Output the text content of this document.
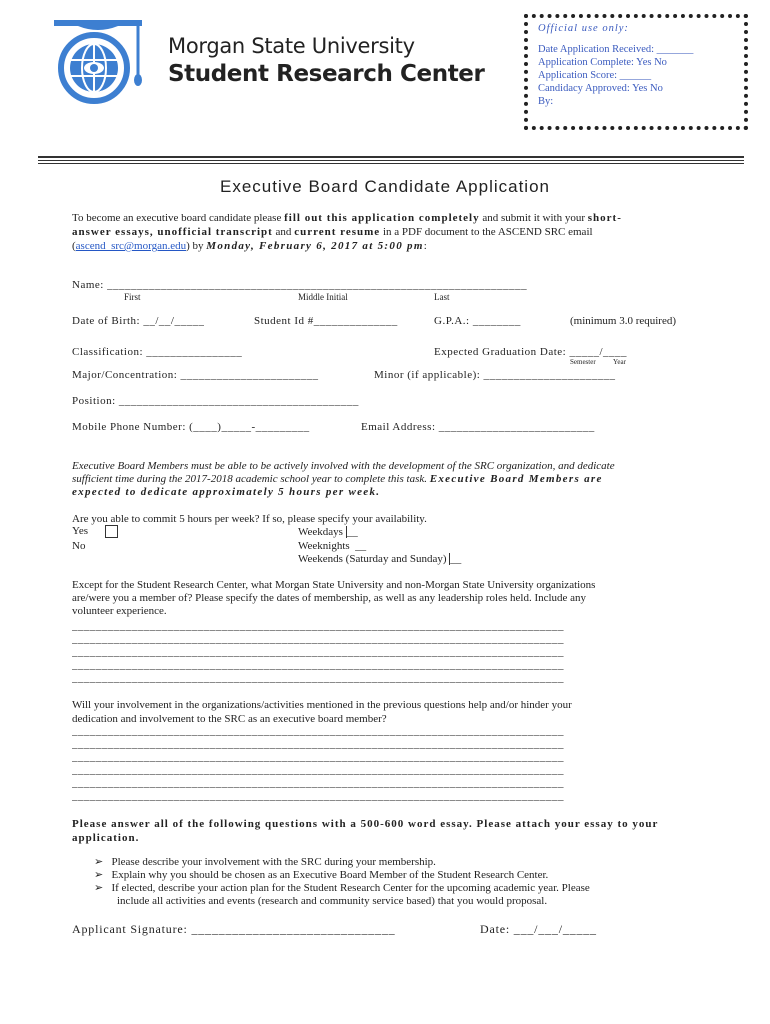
Morgan State University
Student Research Center
Official use only:
Date Application Received: _______
Application Complete: Yes No
Application Score: ______
Candidacy Approved: Yes No
By:
Executive Board Candidate Application
To become an executive board candidate please fill out this application completely and submit it with your short-
answer essays, unofficial transcript and current resume in a PDF document to the ASCEND SRC email
(ascend_src@morgan.edu) by Monday, February 6, 2017 at 5:00 pm:
Name: ______________________________________________________________________
First	Middle Initial	Last
Date of Birth: __/__/_____	Student Id #______________	G.P.A.: ________	(minimum 3.0 required)
Classification: ________________	Expected Graduation Date: _____/____
Semester Year
Major/Concentration: _______________________	Minor (if applicable): ______________________
Position: ________________________________________
Mobile Phone Number: (____)_____-_________	Email Address: __________________________
Executive Board Members must be able to be actively involved with the development of the SRC organization, and dedicate
sufficient time during the 2017-2018 academic school year to complete this task. Executive Board Members are
expected to dedicate approximately 5 hours per week.
Are you able to commit 5 hours per week? If so, please specify your availability.
Yes
No
Weekdays __
Weeknights  __
Weekends (Saturday and Sunday) __
Except for the Student Research Center, what Morgan State University and non-Morgan State University organizations
are/were you a member of? Please specify the dates of membership, as well as any leadership roles held. Include any
volunteer experience.
__________________________________________________________________________________
__________________________________________________________________________________
__________________________________________________________________________________
__________________________________________________________________________________
__________________________________________________________________________________
Will your involvement in the organizations/activities mentioned in the previous questions help and/or hinder your
dedication and involvement to the SRC as an executive board member?
__________________________________________________________________________________
__________________________________________________________________________________
__________________________________________________________________________________
__________________________________________________________________________________
__________________________________________________________________________________
__________________________________________________________________________________
Please answer all of the following questions with a 500-600 word essay. Please attach your essay to your
application.
➢ Please describe your involvement with the SRC during your membership.
➢ Explain why you should be chosen as an Executive Board Member of the Student Research Center.
➢ If elected, describe your action plan for the Student Research Center for the upcoming academic year. Please
include all activities and events (research and community service based) that you would proposal.
Applicant Signature: ______________________________	Date: ___/___/_____
